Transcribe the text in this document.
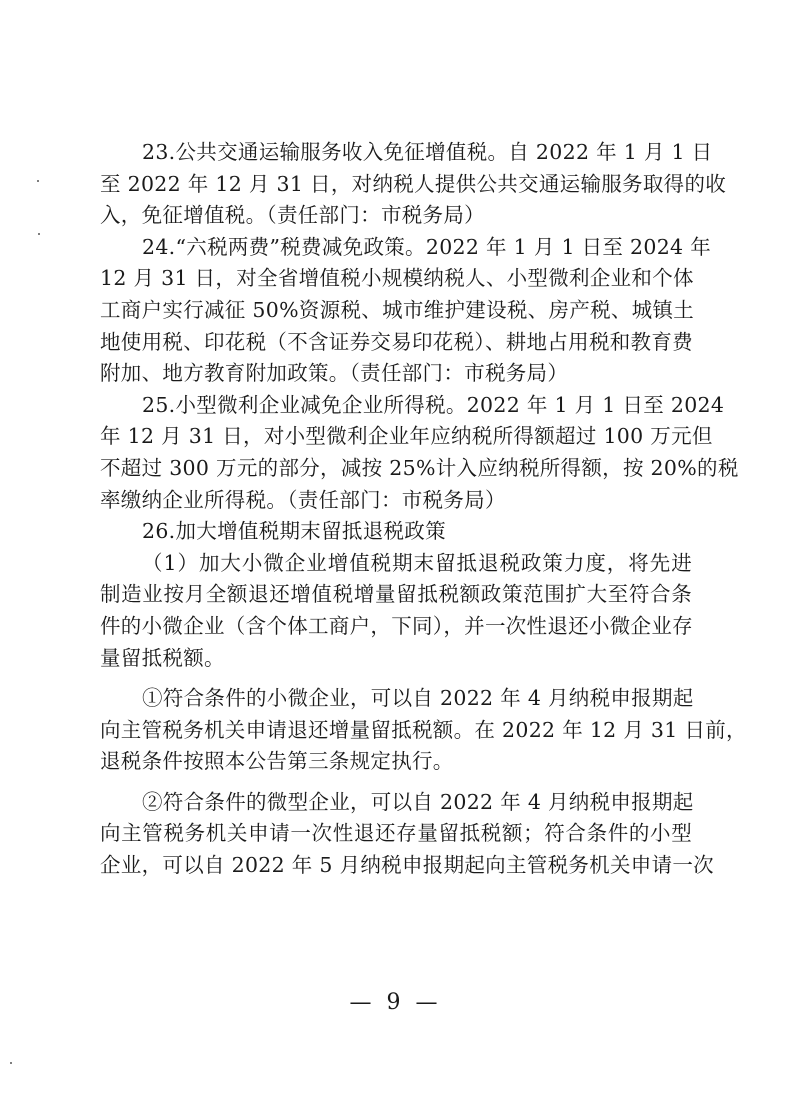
23.公共交通运输服务收入免征增值税。自 2022 年 1 月 1 日
至 2022 年 12 月 31 日，对纳税人提供公共交通运输服务取得的收
入，免征增值税。（责任部门：市税务局）
24.“六税两费”税费减免政策。2022 年 1 月 1 日至 2024 年
12 月 31 日，对全省增值税小规模纳税人、小型微利企业和个体
工商户实行减征 50%资源税、城市维护建设税、房产税、城镇土
地使用税、印花税（不含证券交易印花税）、耕地占用税和教育费
附加、地方教育附加政策。（责任部门：市税务局）
25.小型微利企业减免企业所得税。2022 年 1 月 1 日至 2024
年 12 月 31 日，对小型微利企业年应纳税所得额超过 100 万元但
不超过 300 万元的部分，减按 25%计入应纳税所得额，按 20%的税
率缴纳企业所得税。（责任部门：市税务局）
26.加大增值税期末留抵退税政策
（1）加大小微企业增值税期末留抵退税政策力度，将先进
制造业按月全额退还增值税增量留抵税额政策范围扩大至符合条
件的小微企业（含个体工商户，下同），并一次性退还小微企业存
量留抵税额。
①符合条件的小微企业，可以自 2022 年 4 月纳税申报期起
向主管税务机关申请退还增量留抵税额。在 2022 年 12 月 31 日前，
退税条件按照本公告第三条规定执行。
②符合条件的微型企业，可以自 2022 年 4 月纳税申报期起
向主管税务机关申请一次性退还存量留抵税额；符合条件的小型
企业，可以自 2022 年 5 月纳税申报期起向主管税务机关申请一次
— 9 —
